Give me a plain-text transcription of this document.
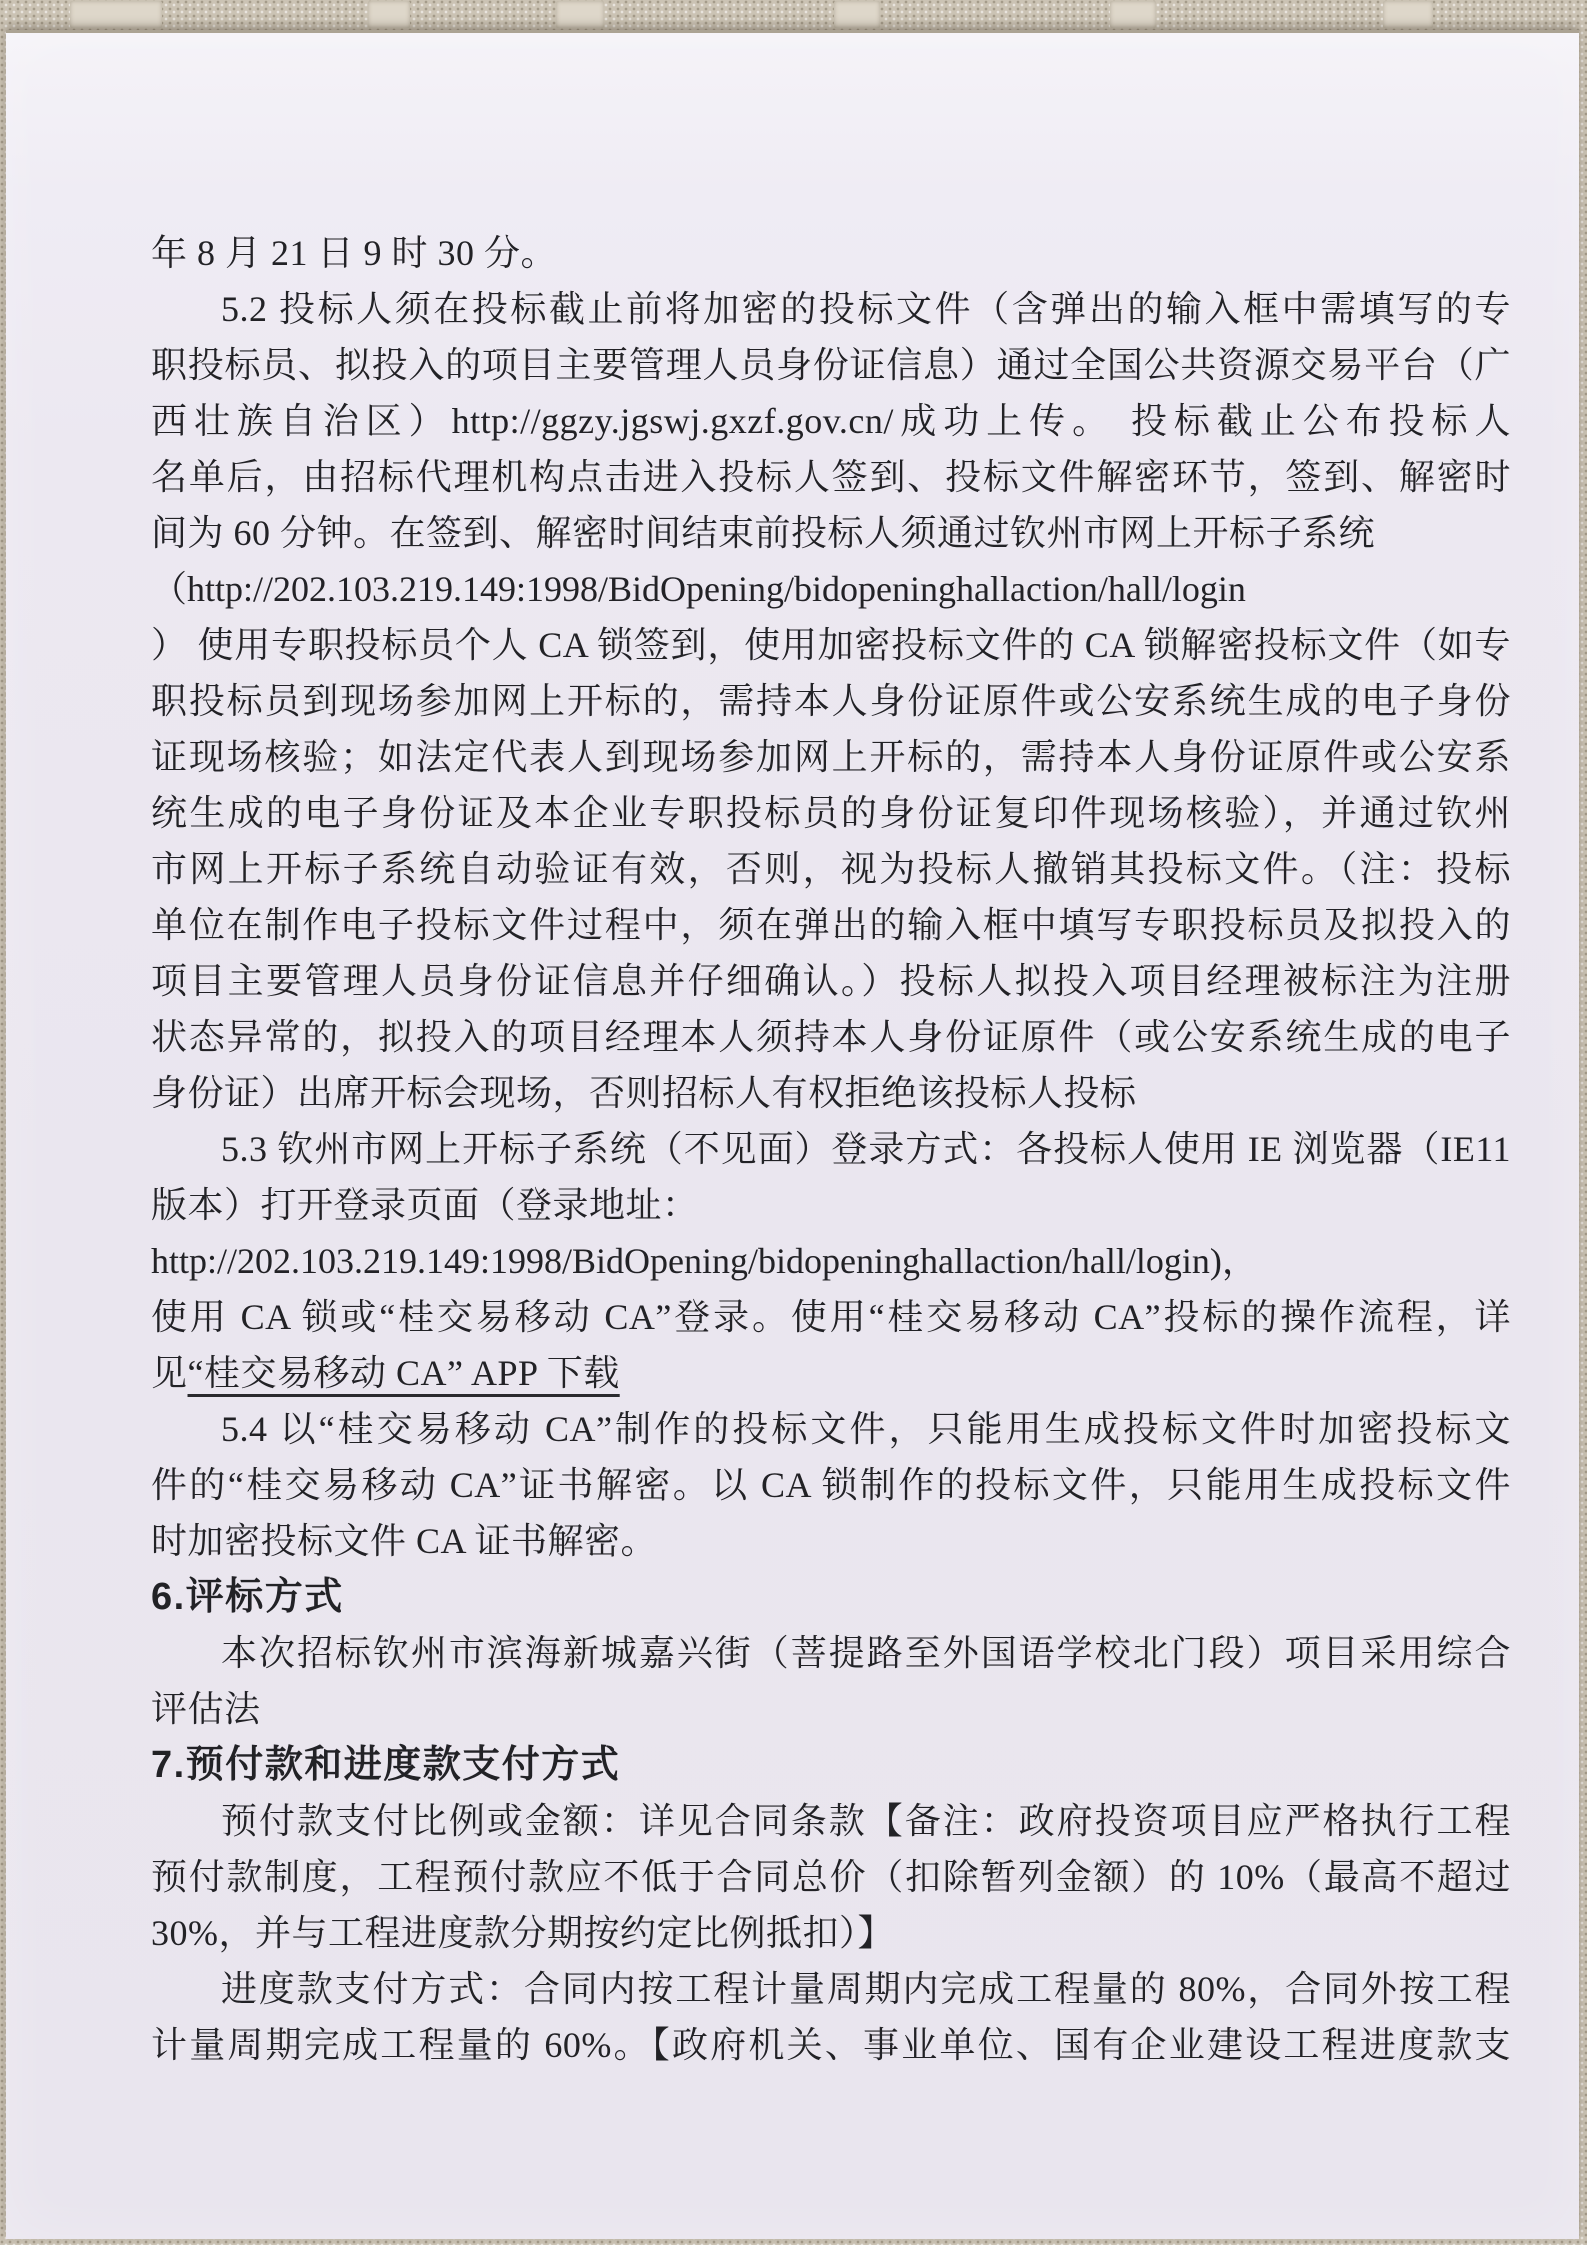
年 8 月 21 日 9 时 30 分。
5.2 投标人须在投标截止前将加密的投标文件（含弹出的输入框中需填写的专
职投标员、拟投入的项目主要管理人员身份证信息）通过全国公共资源交易平台（广
西壮族自治区）http://ggzy.jgswj.gxzf.gov.cn/成功上传。 投标截止公布投标人
名单后，由招标代理机构点击进入投标人签到、投标文件解密环节，签到、解密时
间为 60 分钟。在签到、解密时间结束前投标人须通过钦州市网上开标子系统
（http://202.103.219.149:1998/BidOpening/bidopeninghallaction/hall/login
） 使用专职投标员个人 CA 锁签到，使用加密投标文件的 CA 锁解密投标文件（如专
职投标员到现场参加网上开标的，需持本人身份证原件或公安系统生成的电子身份
证现场核验；如法定代表人到现场参加网上开标的，需持本人身份证原件或公安系
统生成的电子身份证及本企业专职投标员的身份证复印件现场核验），并通过钦州
市网上开标子系统自动验证有效，否则，视为投标人撤销其投标文件。（注：投标
单位在制作电子投标文件过程中，须在弹出的输入框中填写专职投标员及拟投入的
项目主要管理人员身份证信息并仔细确认。）投标人拟投入项目经理被标注为注册
状态异常的，拟投入的项目经理本人须持本人身份证原件（或公安系统生成的电子
身份证）出席开标会现场，否则招标人有权拒绝该投标人投标
5.3 钦州市网上开标子系统（不见面）登录方式：各投标人使用 IE 浏览器（IE11
版本）打开登录页面（登录地址：
http://202.103.219.149:1998/BidOpening/bidopeninghallaction/hall/login)，
使用 CA 锁或“桂交易移动 CA”登录。使用“桂交易移动 CA”投标的操作流程，详
见“桂交易移动 CA” APP 下载
5.4 以“桂交易移动 CA”制作的投标文件，只能用生成投标文件时加密投标文
件的“桂交易移动 CA”证书解密。以 CA 锁制作的投标文件，只能用生成投标文件
时加密投标文件 CA 证书解密。
6.评标方式
本次招标钦州市滨海新城嘉兴街（菩提路至外国语学校北门段）项目采用综合
评估法
7.预付款和进度款支付方式
预付款支付比例或金额：详见合同条款【备注：政府投资项目应严格执行工程
预付款制度，工程预付款应不低于合同总价（扣除暂列金额）的 10%（最高不超过
30%，并与工程进度款分期按约定比例抵扣）】
进度款支付方式：合同内按工程计量周期内完成工程量的 80%，合同外按工程
计量周期完成工程量的 60%。【政府机关、事业单位、国有企业建设工程进度款支
